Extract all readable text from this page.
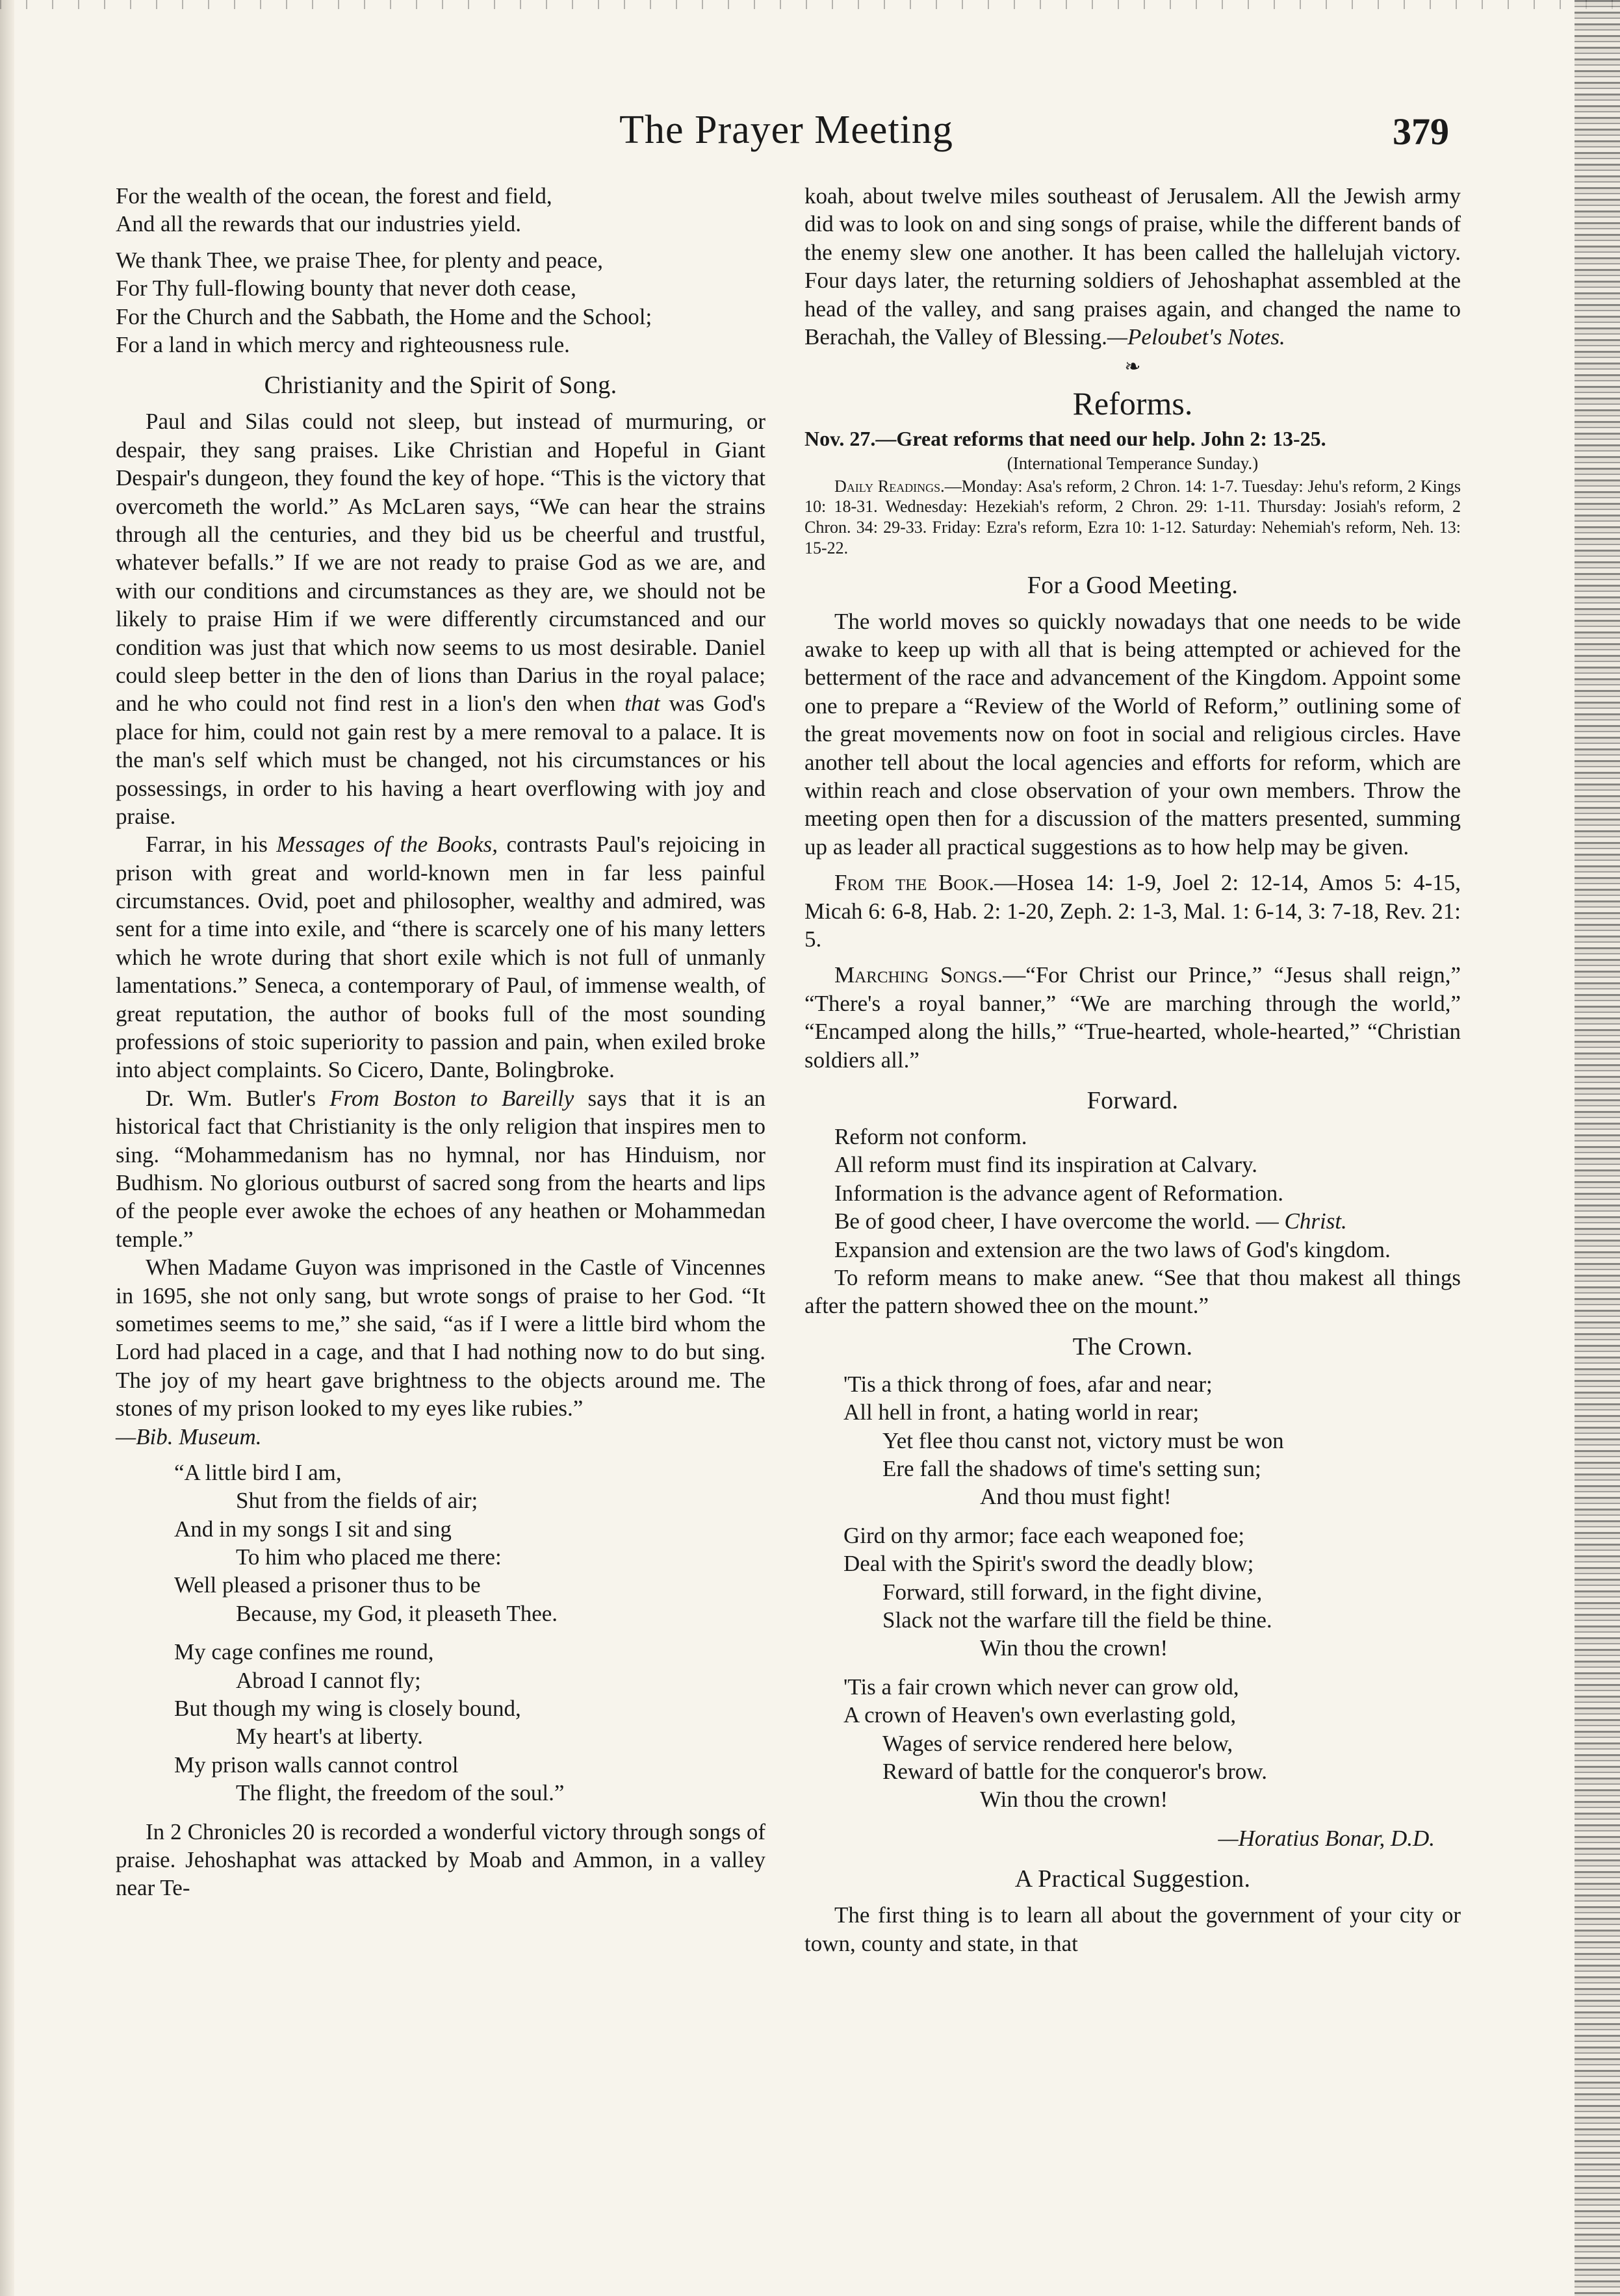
The Prayer Meeting	379

For the wealth of the ocean, the forest and field,

And all the rewards that our industries yield.

We thank Thee, we praise Thee, for plenty and peace,

For Thy full-flowing bounty that never doth cease,

For the Church and the Sabbath, the Home and the School;

For a land in which mercy and righteousness rule.

Christianity and the Spirit of Song.

Paul and Silas could not sleep, but instead of murmuring, or despair, they sang praises. Like Christian and Hopeful in Giant Despair's dungeon, they found the key of hope. “This is the victory that overcometh the world.” As McLaren says, “We can hear the strains through all the centuries, and they bid us be cheerful and trustful, whatever befalls.” If we are not ready to praise God as we are, and with our conditions and circumstances as they are, we should not be likely to praise Him if we were differently circumstanced and our condition was just that which now seems to us most desirable. Daniel could sleep better in the den of lions than Darius in the royal palace; and he who could not find rest in a lion's den when that was God's place for him, could not gain rest by a mere removal to a palace. It is the man's self which must be changed, not his circumstances or his possessings, in order to his having a heart overflowing with joy and praise.

Farrar, in his Messages of the Books, contrasts Paul's rejoicing in prison with great and world-known men in far less painful circumstances. Ovid, poet and philosopher, wealthy and admired, was sent for a time into exile, and “there is scarcely one of his many letters which he wrote during that short exile which is not full of unmanly lamentations.” Seneca, a contemporary of Paul, of immense wealth, of great reputation, the author of books full of the most sounding professions of stoic superiority to passion and pain, when exiled broke into abject complaints. So Cicero, Dante, Bolingbroke.

Dr. Wm. Butler's From Boston to Bareilly says that it is an historical fact that Christianity is the only religion that inspires men to sing. “Mohammedanism has no hymnal, nor has Hinduism, nor Budhism. No glorious outburst of sacred song from the hearts and lips of the people ever awoke the echoes of any heathen or Mohammedan temple.”

When Madame Guyon was imprisoned in the Castle of Vincennes in 1695, she not only sang, but wrote songs of praise to her God. “It sometimes seems to me,” she said, “as if I were a little bird whom the Lord had placed in a cage, and that I had nothing now to do but sing. The joy of my heart gave brightness to the objects around me. The stones of my prison looked to my eyes like rubies.”

—Bib. Museum.

“A little bird I am,
Shut from the fields of air;
And in my songs I sit and sing
To him who placed me there:
Well pleased a prisoner thus to be
Because, my God, it pleaseth Thee.
My cage confines me round,
Abroad I cannot fly;
But though my wing is closely bound,
My heart's at liberty.
My prison walls cannot control
The flight, the freedom of the soul.”

In 2 Chronicles 20 is recorded a wonderful victory through songs of praise. Jehoshaphat was attacked by Moab and Ammon, in a valley near Te-

koah, about twelve miles southeast of Jerusalem. All the Jewish army did was to look on and sing songs of praise, while the different bands of the enemy slew one another. It has been called the hallelujah victory. Four days later, the returning soldiers of Jehoshaphat assembled at the head of the valley, and sang praises again, and changed the name to Berachah, the Valley of Blessing.—Peloubet's Notes.

❧
Reforms.

Nov. 27.—Great reforms that need our help. John 2: 13-25.

(International Temperance Sunday.)

Daily Readings.—Monday: Asa's reform, 2 Chron. 14: 1-7. Tuesday: Jehu's reform, 2 Kings 10: 18-31. Wednesday: Hezekiah's reform, 2 Chron. 29: 1-11. Thursday: Josiah's reform, 2 Chron. 34: 29-33. Friday: Ezra's reform, Ezra 10: 1-12. Saturday: Nehemiah's reform, Neh. 13: 15-22.

For a Good Meeting.

The world moves so quickly nowadays that one needs to be wide awake to keep up with all that is being attempted or achieved for the betterment of the race and advancement of the Kingdom. Appoint some one to prepare a “Review of the World of Reform,” outlining some of the great movements now on foot in social and religious circles. Have another tell about the local agencies and efforts for reform, which are within reach and close observation of your own members. Throw the meeting open then for a discussion of the matters presented, summing up as leader all practical suggestions as to how help may be given.

From the Book.—Hosea 14: 1-9, Joel 2: 12-14, Amos 5: 4-15, Micah 6: 6-8, Hab. 2: 1-20, Zeph. 2: 1-3, Mal. 1: 6-14, 3: 7-18, Rev. 21: 5.

Marching Songs.—“For Christ our Prince,” “Jesus shall reign,” “There's a royal banner,” “We are marching through the world,” “Encamped along the hills,” “True-hearted, whole-hearted,” “Christian soldiers all.”

Forward.

Reform not conform.

All reform must find its inspiration at Calvary.

Information is the advance agent of Reformation.

Be of good cheer, I have overcome the world. — Christ.

Expansion and extension are the two laws of God's kingdom.

To reform means to make anew. “See that thou makest all things after the pattern showed thee on the mount.”

The Crown.
'Tis a thick throng of foes, afar and near;
All hell in front, a hating world in rear;
Yet flee thou canst not, victory must be won
Ere fall the shadows of time's setting sun;
And thou must fight!
Gird on thy armor; face each weaponed foe;
Deal with the Spirit's sword the deadly blow;
Forward, still forward, in the fight divine,
Slack not the warfare till the field be thine.
Win thou the crown!
'Tis a fair crown which never can grow old,
A crown of Heaven's own everlasting gold,
Wages of service rendered here below,
Reward of battle for the conqueror's brow.
Win thou the crown!

—Horatius Bonar, D.D.

A Practical Suggestion.

The first thing is to learn all about the government of your city or town, county and state, in that
